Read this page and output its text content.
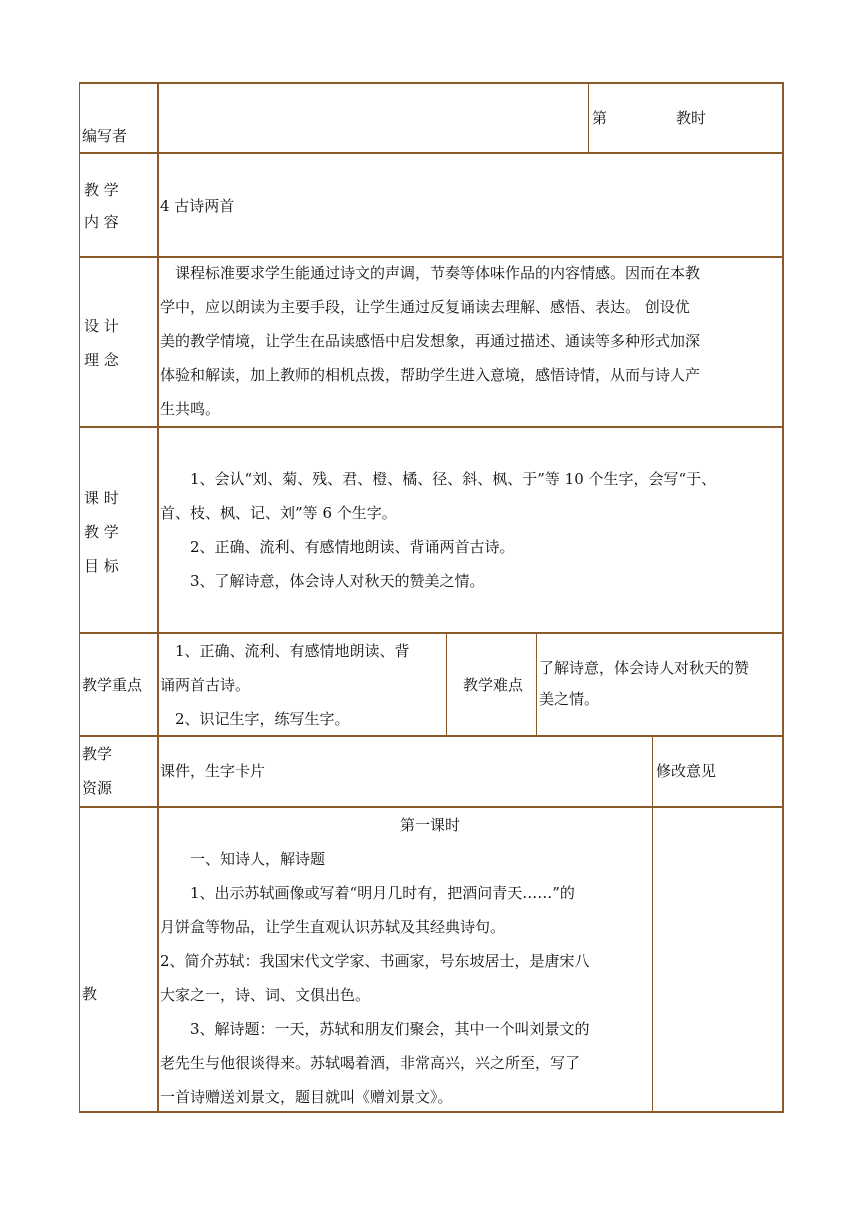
编写者
第	教时
教 学
内 容
4 古诗两首
设 计
理 念
　课程标准要求学生能通过诗文的声调，节奏等体味作品的内容情感。因而在本教
学中，应以朗读为主要手段，让学生通过反复诵读去理解、感悟、表达。 创设优
美的教学情境，让学生在品读感悟中启发想象，再通过描述、通读等多种形式加深
体验和解读，加上教师的相机点拨，帮助学生进入意境，感悟诗情，从而与诗人产
生共鸣。
课 时
教 学
目 标
　　1、会认“刘、菊、残、君、橙、橘、径、斜、枫、于”等 10 个生字，会写“于、
首、枝、枫、记、刘”等 6 个生字。
　　2、正确、流利、有感情地朗读、背诵两首古诗。
　　3、了解诗意，体会诗人对秋天的赞美之情。
教学重点
　1、正确、流利、有感情地朗读、背
诵两首古诗。
　2、识记生字，练写生字。
教学难点
了解诗意，体会诗人对秋天的赞
美之情。
教学
资源
课件，生字卡片	修改意见
教
第一课时
　　一、知诗人，解诗题
　　1、出示苏轼画像或写着“明月几时有，把酒问青天……”的
月饼盒等物品，让学生直观认识苏轼及其经典诗句。
2、简介苏轼：我国宋代文学家、书画家，号东坡居士，是唐宋八
大家之一，诗、词、文俱出色。
　　3、解诗题：一天，苏轼和朋友们聚会，其中一个叫刘景文的
老先生与他很谈得来。苏轼喝着酒，非常高兴，兴之所至，写了
一首诗赠送刘景文，题目就叫《赠刘景文》。
